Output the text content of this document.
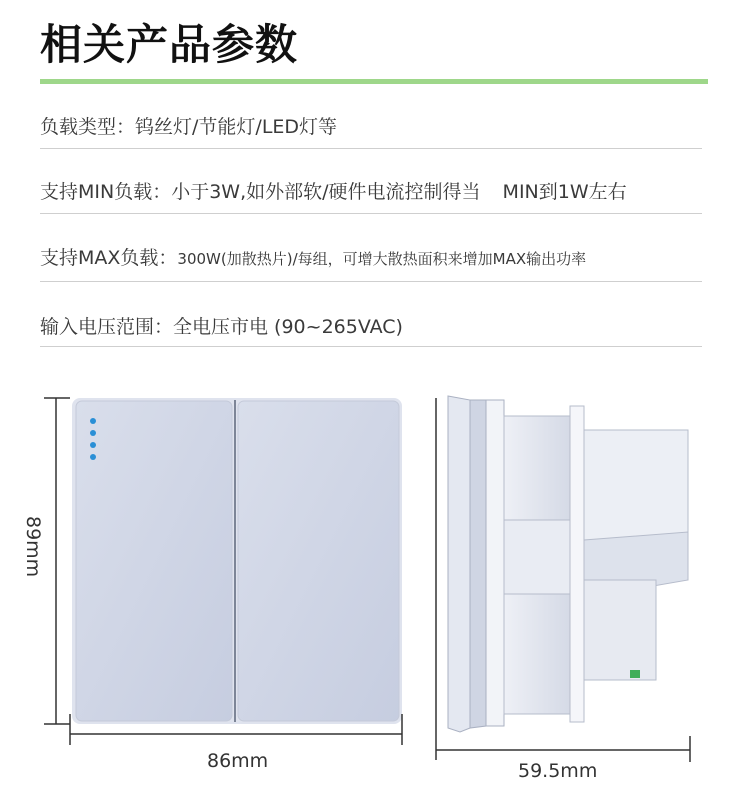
相关产品参数
负载类型：钨丝灯/节能灯/LED灯等
支持MIN负载：小于3W,如外部软/硬件电流控制得当 MIN到1W左右
支持MAX负载：300W(加散热片)/每组，可增大散热面积来增加MAX输出功率
输入电压范围：全电压市电 (90~265VAC)
89mm
86mm	59.5mm
